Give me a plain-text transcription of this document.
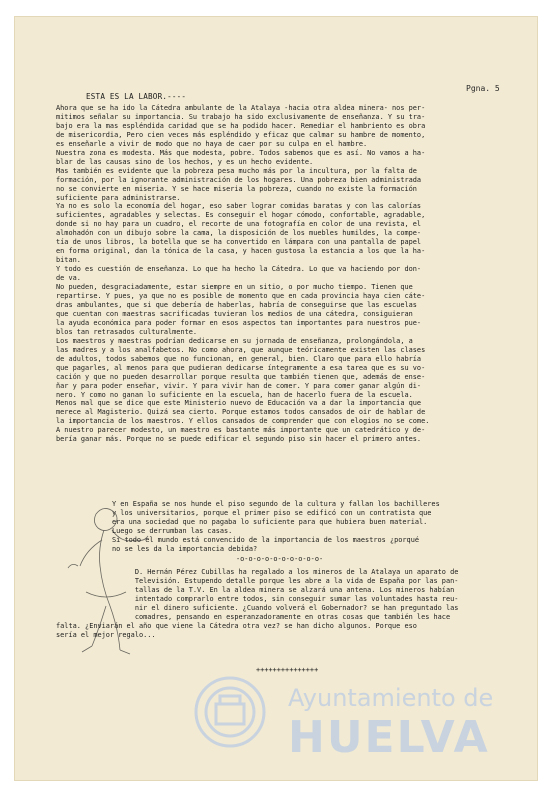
Pgna. 5
ESTA ES LA LABOR.----
Ahora que se ha ido la Cátedra ambulante de la Atalaya -hacia otra aldea minera- nos per-
mitimos señalar su importancia. Su trabajo ha sido exclusivamente de enseñanza. Y su tra-
bajo era la mas espléndida caridad que se ha podido hacer. Remediar el hambriento es obra
de misericordia, Pero cien veces más espléndido y eficaz que calmar su hambre de momento,
es enseñarle a vivir de modo que no haya de caer por su culpa en el hambre.
Nuestra zona es modesta. Más que modesta, pobre. Todos sabemos que es así. No vamos a ha-
blar de las causas sino de los hechos, y es un hecho evidente.
Mas también es evidente que la pobreza pesa mucho más por la incultura, por la falta de
formación, por la ignorante administración de los hogares. Una pobreza bien administrada
no se convierte en miseria. Y se hace miseria la pobreza, cuando no existe la formación
suficiente para administrarse.
Ya no es solo la economía del hogar, eso saber lograr comidas baratas y con las calorías
suficientes, agradables y selectas. Es conseguir el hogar cómodo, confortable, agradable,
donde si no hay para un cuadro, el recorte de una fotografía en color de una revista, el
almohadón con un dibujo sobre la cama, la disposición de los muebles humildes, la compe-
tía de unos libros, la botella que se ha convertido en lámpara con una pantalla de papel
en forma original, dan la tónica de la casa, y hacen gustosa la estancia a los que la ha-
bitan.
Y todo es cuestión de enseñanza. Lo que ha hecho la Cátedra. Lo que va haciendo por don-
de va.
No pueden, desgraciadamente, estar siempre en un sitio, o por mucho tiempo. Tienen que
repartirse. Y pues, ya que no es posible de momento que en cada provincia haya cien cáte-
dras ambulantes, que si que debería de haberlas, habría de conseguirse que las escuelas
que cuentan con maestras sacrificadas tuvieran los medios de una cátedra, consiguieran
la ayuda económica para poder formar en esos aspectos tan importantes para nuestros pue-
blos tan retrasados culturalmente.
Los maestros y maestras podrían dedicarse en su jornada de enseñanza, prolongándola, a
las madres y a los analfabetos. No como ahora, que aunque teóricamente existen las clases
de adultos, todos sabemos que no funcionan, en general, bien. Claro que para ello habría
que pagarles, al menos para que pudieran dedicarse íntegramente a esa tarea que es su vo-
cación y que no pueden desarrollar porque resulta que también tienen que, además de ense-
ñar y para poder enseñar, vivir. Y para vivir han de comer. Y para comer ganar algún di-
nero. Y como no ganan lo suficiente en la escuela, han de hacerlo fuera de la escuela.
Menos mal que se dice que este Ministerio nuevo de Educación va a dar la importancia que
merece al Magisterio. Quizá sea cierto. Porque estamos todos cansados de oir de hablar de
la importancia de los maestros. Y ellos cansados de comprender que con elogios no se come.
A nuestro parecer modesto, un maestro es bastante más importante que un catedrático y de-
bería ganar más. Porque no se puede edificar el segundo piso sin hacer el primero antes.
Y en España se nos hunde el piso segundo de la cultura y fallan los bachilleres
y los universitarios, porque el primer piso se edificó con un contratista que
era una sociedad que no pagaba lo suficiente para que hubiera buen material.
Luego se derrumban las casas.
Si todo el mundo está convencido de la importancia de los maestros ¿porqué
no se les da la importancia debida?
-o-o-o-o-o-o-o-o-o-o-
D. Hernán Pérez Cubillas ha regalado a los mineros de la Atalaya un aparato de
Televisión. Estupendo detalle porque les abre a la vida de España por las pan-
tallas de la T.V. En la aldea minera se alzará una antena. Los mineros habían
intentado comprarlo entre todos, sin conseguir sumar las voluntades hasta reu-
nir el dinero suficiente. ¿Cuando volverá el Gobernador? se han preguntado las
comadres, pensando en esperanzadoramente en otras cosas que también les hace
falta. ¿Enviarán el año que viene la Cátedra otra vez? se han dicho algunos. Porque eso
sería el mejor regalo...
+++++++++++++++
Ayuntamiento de
HUELVA
